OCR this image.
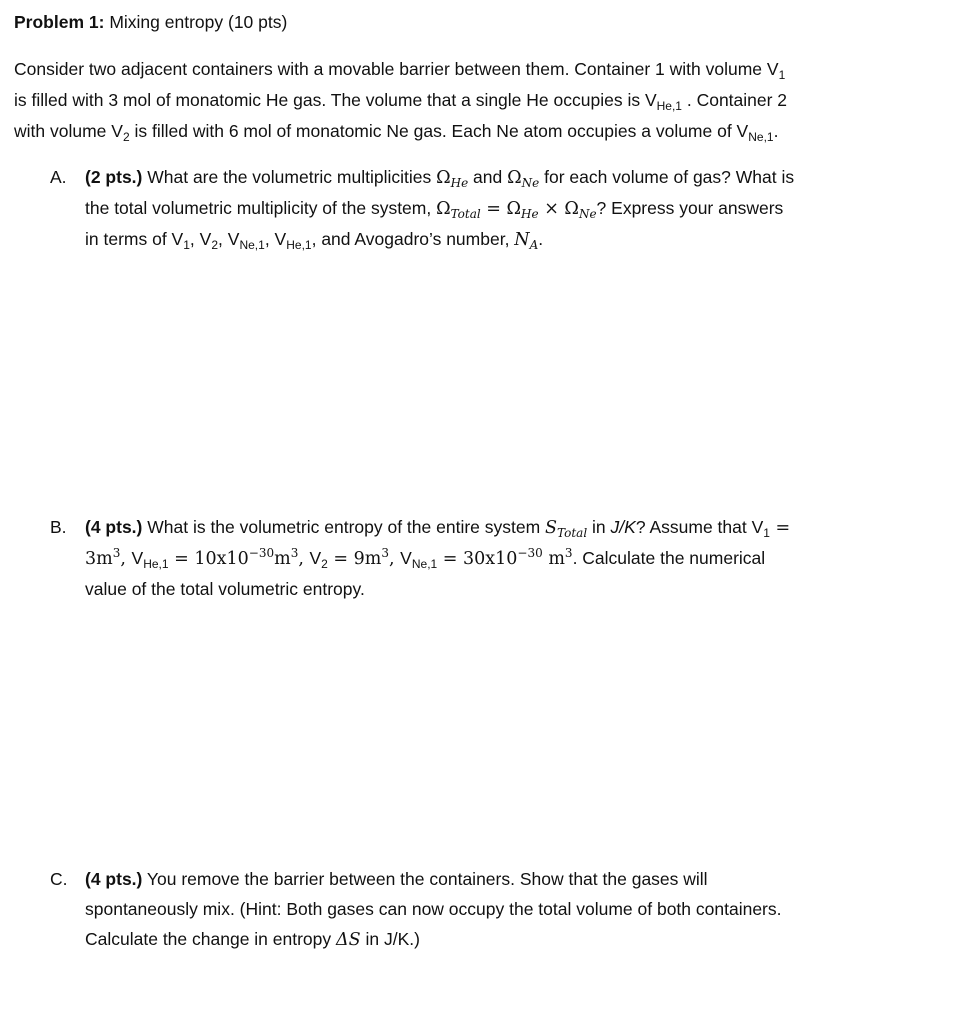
Problem 1: Mixing entropy (10 pts)
Consider two adjacent containers with a movable barrier between them. Container 1 with volume $V_1$
is filled with 3 mol of monatomic He gas. The volume that a single He occupies is $V_{He,1}$ . Container 2
with volume $V_2$ is filled with 6 mol of monatomic Ne gas. Each Ne atom occupies a volume of $V_{Ne,1}$.
A. (2 pts.) What are the volumetric multiplicities $\Omega_{He}$ and $\Omega_{Ne}$ for each volume of gas? What is
the total volumetric multiplicity of the system, $\Omega_{Total} = \Omega_{He} \times \Omega_{Ne}$? Express your answers
in terms of $V_1$, $V_2$, $V_{Ne,1}$, $V_{He,1}$, and Avogadro’s number, $N_A$.
B. (4 pts.) What is the volumetric entropy of the entire system $S_{Total}$ in J/K? Assume that $V_1$ =
$3m^3$, $V_{He,1} = 10x10^{-30}m^3$, $V_2 = 9m^3$, $V_{Ne,1} = 30x10^{-30}$ $m^3$. Calculate the numerical
value of the total volumetric entropy.
C. (4 pts.) You remove the barrier between the containers. Show that the gases will
spontaneously mix. (Hint: Both gases can now occupy the total volume of both containers.
Calculate the change in entropy ΔS in J/K.)
